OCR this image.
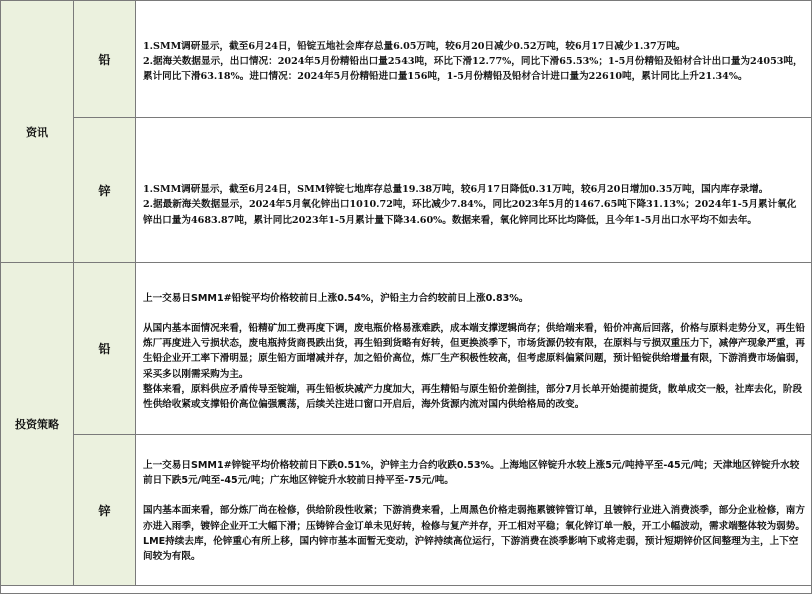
资讯	铅	1.SMM调研显示，截至6月24日，铅锭五地社会库存总量6.05万吨，较6月20日减少0.52万吨，较6月17日减少1.37万吨。

2.据海关数据显示，出口情况：2024年5月份精铅出口量2543吨，环比下滑12.77%，同比下滑65.53%；1-5月份精铅及铅材合计出口量为24053吨，累计同比下滑63.18%。进口情况：2024年5月份精铅进口量156吨，1-5月份精铅及铅材合计进口量为22610吨，累计同比上升21.34%。

	锌	1.SMM调研显示，截至6月24日，SMM锌锭七地库存总量19.38万吨，较6月17日降低0.31万吨，较6月20日增加0.35万吨，国内库存录增。

2.据最新海关数据显示，2024年5月氧化锌出口1010.72吨，环比减少7.84%，同比2023年5月的1467.65吨下降31.13%；2024年1-5月累计氧化锌出口量为4683.87吨，累计同比2023年1-5月累计量下降34.60%。数据来看，氧化锌同比环比均降低，且今年1-5月出口水平均不如去年。

投资策略	铅	上一交易日SMM1#铅锭平均价格较前日上涨0.54%，沪铅主力合约较前日上涨0.83%。

从国内基本面情况来看，铅精矿加工费再度下调，废电瓶价格易涨难跌，成本端支撑逻辑尚存；供给端来看，铅价冲高后回落，价格与原料走势分叉，再生铅炼厂再度进入亏损状态，废电瓶持货商畏跌出货，再生铅到货略有好转，但更换淡季下，市场货源仍较有限，在原料与亏损双重压力下，减停产现象严重，再生铅企业开工率下滑明显；原生铅方面增减并存，加之铅价高位，炼厂生产积极性较高，但考虑原料偏紧问题，预计铅锭供给增量有限，下游消费市场偏弱，采买多以刚需采购为主。

整体来看，原料供应矛盾传导至锭端，再生铅板块减产力度加大，再生精铅与原生铅价差倒挂，部分7月长单开始提前提货，散单成交一般，社库去化，阶段性供给收紧或支撑铅价高位偏强震荡，后续关注进口窗口开启后，海外货源内流对国内供给格局的改变。

	锌	上一交易日SMM1#锌锭平均价格较前日下跌0.51%，沪锌主力合约收跌0.53%。上海地区锌锭升水较上涨5元/吨持平至-45元/吨；天津地区锌锭升水较前日下跌5元/吨至-45元/吨；广东地区锌锭升水较前日持平至-75元/吨。

国内基本面来看，部分炼厂尚在检修，供给阶段性收紧；下游消费来看，上周黑色价格走弱拖累镀锌管订单，且镀锌行业进入消费淡季，部分企业检修，南方亦进入雨季，镀锌企业开工大幅下滑；压铸锌合金订单未见好转，检修与复产并存，开工相对平稳；氧化锌订单一般，开工小幅波动，需求端整体较为弱势。

LME持续去库，伦锌重心有所上移，国内锌市基本面暂无变动，沪锌持续高位运行，下游消费在淡季影响下或将走弱，预计短期锌价区间整理为主，上下空间较为有限。
